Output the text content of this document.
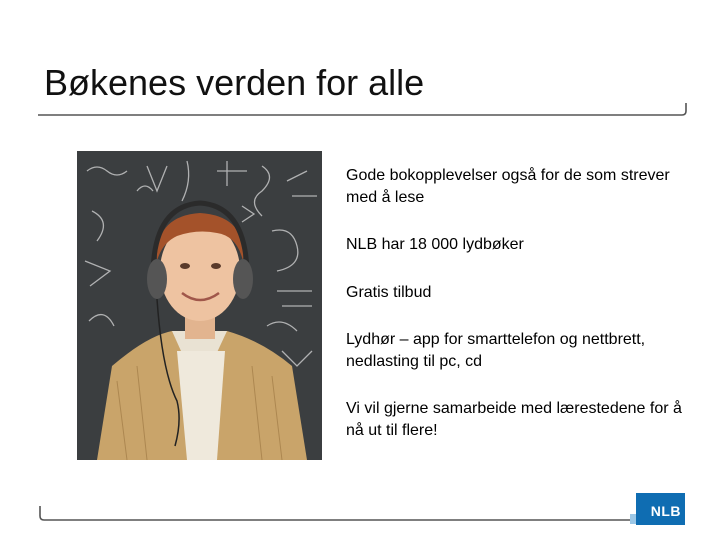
Bøkenes verden for alle
Gode bokopplevelser også for de som strever med å lese
NLB har 18 000 lydbøker
Gratis tilbud
Lydhør – app for smarttelefon og nettbrett, nedlasting til pc, cd
Vi vil gjerne samarbeide med lærestedene for å nå ut til flere!
NLB
